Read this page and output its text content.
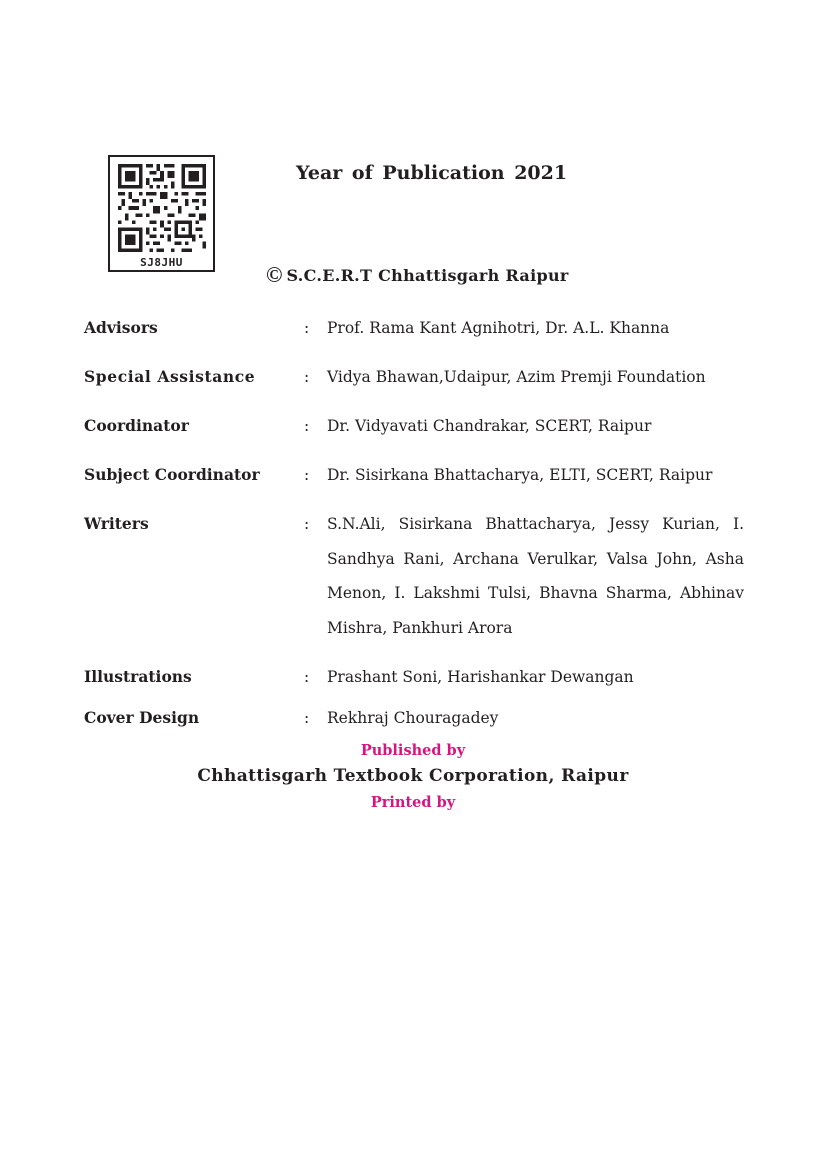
SJ8JHU
Year of Publication 2021
© S.C.E.R.T Chhattisgarh Raipur
Advisors	: Prof. Rama Kant Agnihotri, Dr. A.L. Khanna
Special Assistance	: Vidya Bhawan,Udaipur, Azim Premji Foundation
Coordinator	: Dr. Vidyavati Chandrakar, SCERT, Raipur
Subject Coordinator	: Dr. Sisirkana Bhattacharya, ELTI, SCERT, Raipur
Writers	: S.N.Ali, Sisirkana Bhattacharya, Jessy Kurian, I. Sandhya Rani, Archana Verulkar, Valsa John, Asha Menon, I. Lakshmi Tulsi, Bhavna Sharma, Abhinav Mishra, Pankhuri Arora
Illustrations	: Prashant Soni, Harishankar Dewangan
Cover Design	: Rekhraj Chouragadey
Published by
Chhattisgarh Textbook Corporation, Raipur
Printed by
